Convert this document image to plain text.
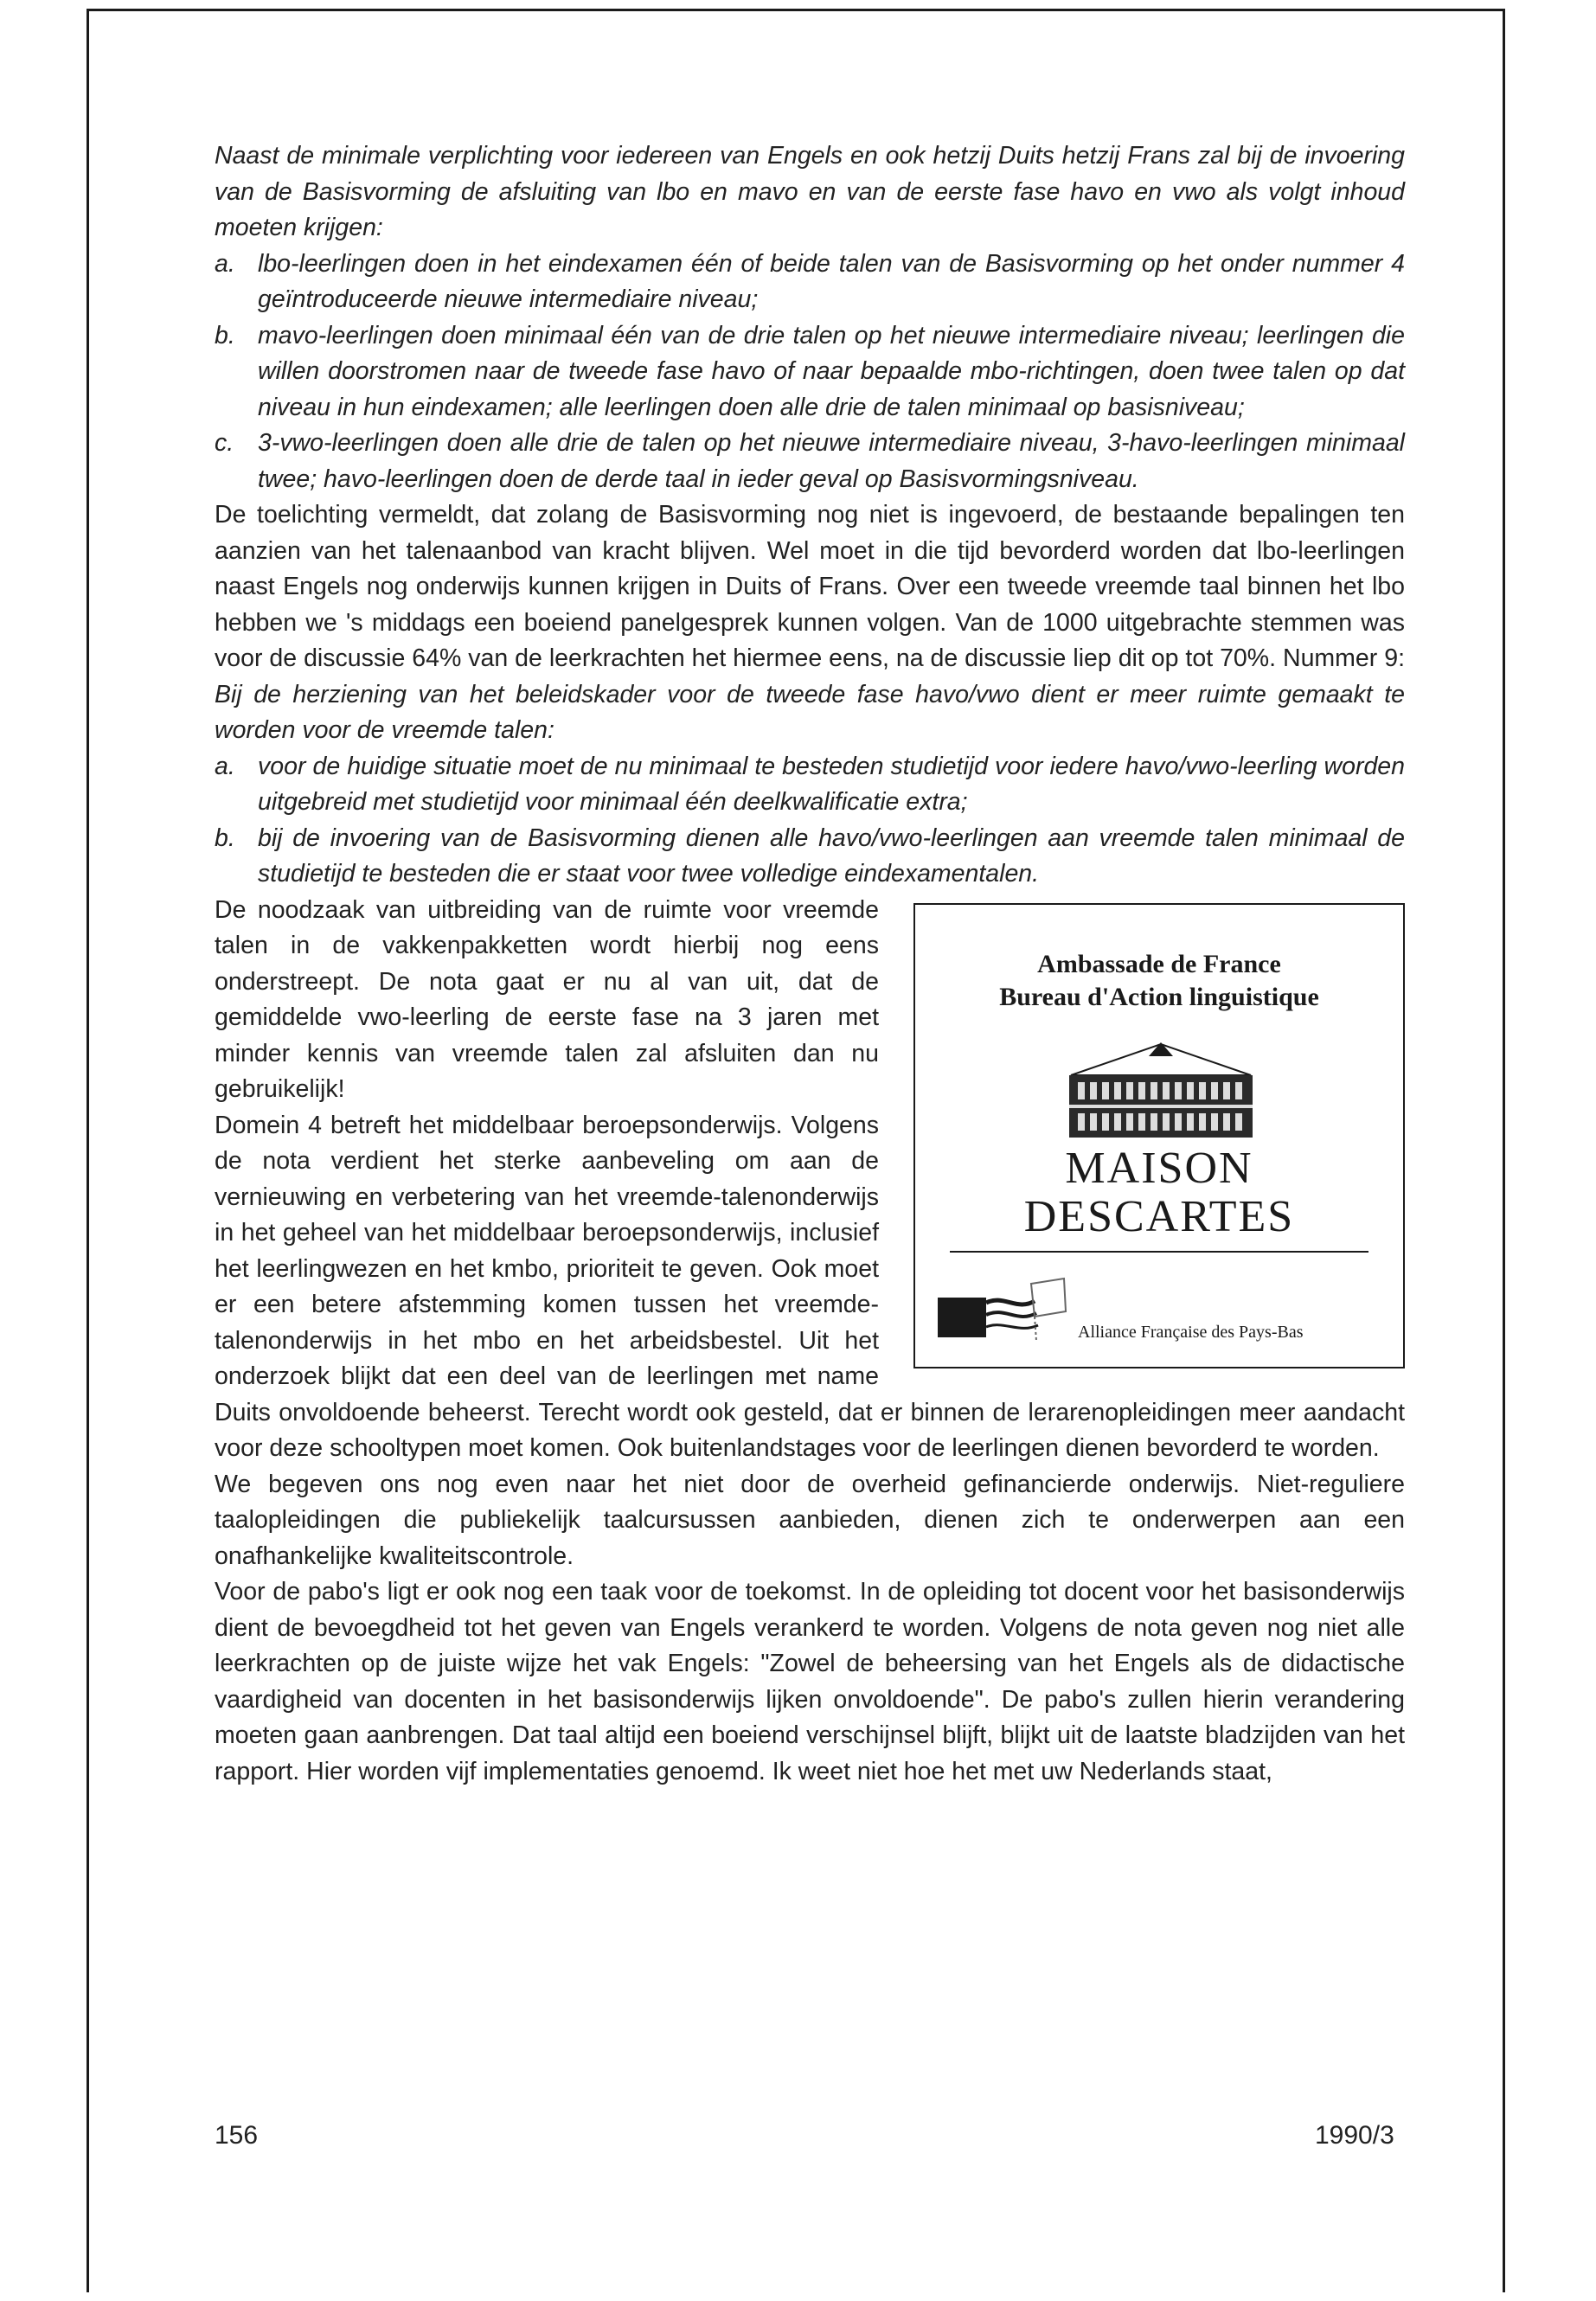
Naast de minimale verplichting voor iedereen van Engels en ook hetzij Duits hetzij Frans zal bij de invoering van de Basisvorming de afsluiting van lbo en mavo en van de eerste fase havo en vwo als volgt inhoud moeten krijgen:

a. lbo-leerlingen doen in het eindexamen één of beide talen van de Basisvorming op het onder nummer 4 geïntroduceerde nieuwe intermediaire niveau;

b. mavo-leerlingen doen minimaal één van de drie talen op het nieuwe intermediaire niveau; leerlingen die willen doorstromen naar de tweede fase havo of naar bepaalde mbo-richtingen, doen twee talen op dat niveau in hun eindexamen; alle leerlingen doen alle drie de talen minimaal op basisniveau;

c. 3-vwo-leerlingen doen alle drie de talen op het nieuwe intermediaire niveau, 3-havo-leerlingen minimaal twee; havo-leerlingen doen de derde taal in ieder geval op Basisvormingsniveau.

De toelichting vermeldt, dat zolang de Basisvorming nog niet is ingevoerd, de bestaande bepalingen ten aanzien van het talenaanbod van kracht blijven. Wel moet in die tijd bevorderd worden dat lbo-leerlingen naast Engels nog onderwijs kunnen krijgen in Duits of Frans. Over een tweede vreemde taal binnen het lbo hebben we 's middags een boeiend panelgesprek kunnen volgen. Van de 1000 uitgebrachte stemmen was voor de discussie 64% van de leerkrachten het hiermee eens, na de discussie liep dit op tot 70%. Nummer 9: Bij de herziening van het beleidskader voor de tweede fase havo/vwo dient er meer ruimte gemaakt te worden voor de vreemde talen:

a. voor de huidige situatie moet de nu minimaal te besteden studietijd voor iedere havo/vwo-leerling worden uitgebreid met studietijd voor minimaal één deelkwalificatie extra;

b. bij de invoering van de Basisvorming dienen alle havo/vwo-leerlingen aan vreemde talen minimaal de studietijd te besteden die er staat voor twee volledige eindexamentalen.

Ambassade de France
Bureau d'Action linguistique
MAISON
DESCARTES
Alliance Française des Pays-Bas

De noodzaak van uitbreiding van de ruimte voor vreemde talen in de vakkenpakketten wordt hierbij nog eens onderstreept. De nota gaat er nu al van uit, dat de gemiddelde vwo-leerling de eerste fase na 3 jaren met minder kennis van vreemde talen zal afsluiten dan nu gebruikelijk!

Domein 4 betreft het middelbaar beroepsonderwijs. Volgens de nota verdient het sterke aanbeveling om aan de vernieuwing en verbetering van het vreemde-talenonderwijs in het geheel van het middelbaar beroepsonderwijs, inclusief het leerlingwezen en het kmbo, prioriteit te geven. Ook moet er een betere afstemming komen tussen het vreemde-talenonderwijs in het mbo en het arbeidsbestel. Uit het onderzoek blijkt dat een deel van de leerlingen met name Duits onvoldoende beheerst. Terecht wordt ook gesteld, dat er binnen de lerarenopleidingen meer aandacht voor deze schooltypen moet komen. Ook buitenlandstages voor de leerlingen dienen bevorderd te worden.

We begeven ons nog even naar het niet door de overheid gefinancierde onderwijs. Niet-reguliere taalopleidingen die publiekelijk taalcursussen aanbieden, dienen zich te onderwerpen aan een onafhankelijke kwaliteitscontrole.

Voor de pabo's ligt er ook nog een taak voor de toekomst. In de opleiding tot docent voor het basisonderwijs dient de bevoegdheid tot het geven van Engels verankerd te worden. Volgens de nota geven nog niet alle leerkrachten op de juiste wijze het vak Engels: "Zowel de beheersing van het Engels als de didactische vaardigheid van docenten in het basisonderwijs lijken onvoldoende". De pabo's zullen hierin verandering moeten gaan aanbrengen. Dat taal altijd een boeiend verschijnsel blijft, blijkt uit de laatste bladzijden van het rapport. Hier worden vijf implementaties genoemd. Ik weet niet hoe het met uw Nederlands staat,

156	1990/3
